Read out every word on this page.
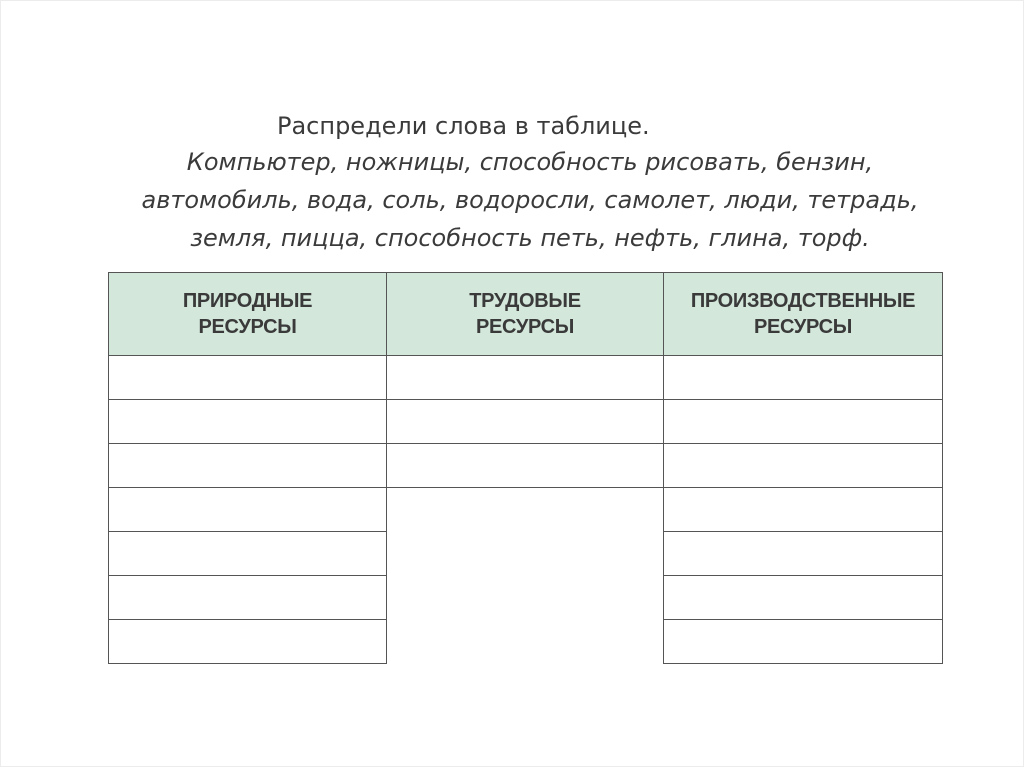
Распредели слова в таблице.
Компьютер, ножницы, способность рисовать, бензин,
автомобиль, вода, соль, водоросли, самолет, люди, тетрадь,
земля, пицца, способность петь, нефть, глина, торф.
ПРИРОДНЫЕ
РЕСУРСЫ
ТРУДОВЫЕ
РЕСУРСЫ
ПРОИЗВОДСТВЕННЫЕ
РЕСУРСЫ
